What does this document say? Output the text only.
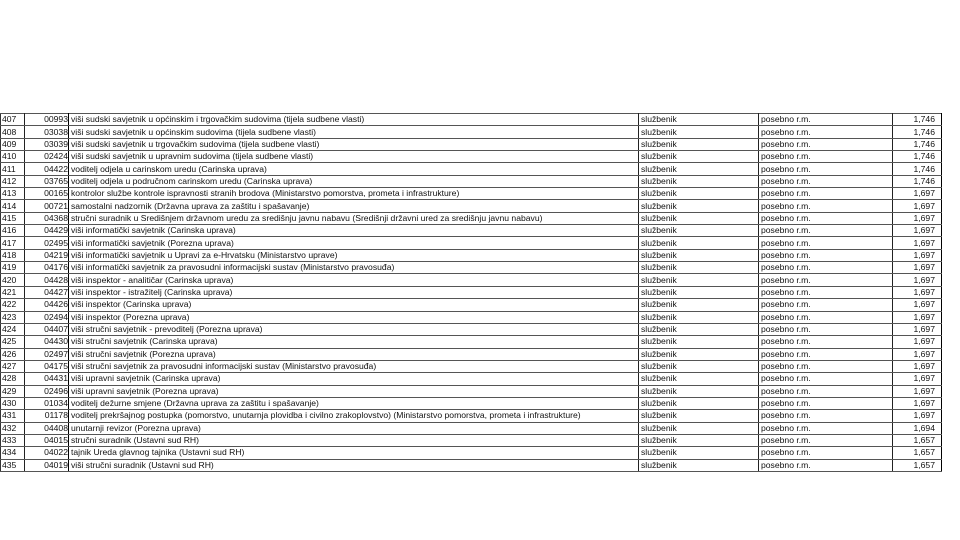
407	00993	viši sudski savjetnik u općinskim i trgovačkim sudovima (tijela sudbene vlasti)	službenik	posebno r.m.	1,746
408	03038	viši sudski savjetnik u općinskim sudovima (tijela sudbene vlasti)	službenik	posebno r.m.	1,746
409	03039	viši sudski savjetnik u trgovačkim sudovima (tijela sudbene vlasti)	službenik	posebno r.m.	1,746
410	02424	viši sudski savjetnik u upravnim sudovima (tijela sudbene vlasti)	službenik	posebno r.m.	1,746
411	04422	voditelj odjela u carinskom uredu (Carinska uprava)	službenik	posebno r.m.	1,746
412	03765	voditelj odjela u područnom carinskom uredu (Carinska uprava)	službenik	posebno r.m.	1,746
413	00165	kontrolor službe kontrole ispravnosti stranih brodova (Ministarstvo pomorstva, prometa i infrastrukture)	službenik	posebno r.m.	1,697
414	00721	samostalni nadzornik (Državna uprava za zaštitu i spašavanje)	službenik	posebno r.m.	1,697
415	04368	stručni suradnik u Središnjem državnom uredu za središnju javnu nabavu (Središnji državni ured za središnju javnu nabavu)	službenik	posebno r.m.	1,697
416	04429	viši informatički savjetnik (Carinska uprava)	službenik	posebno r.m.	1,697
417	02495	viši informatički savjetnik (Porezna uprava)	službenik	posebno r.m.	1,697
418	04219	viši informatički savjetnik u Upravi za e-Hrvatsku (Ministarstvo uprave)	službenik	posebno r.m.	1,697
419	04176	viši informatički savjetnik za pravosudni informacijski sustav (Ministarstvo pravosuđa)	službenik	posebno r.m.	1,697
420	04428	viši inspektor - analitičar (Carinska uprava)	službenik	posebno r.m.	1,697
421	04427	viši inspektor - istražitelj (Carinska uprava)	službenik	posebno r.m.	1,697
422	04426	viši inspektor (Carinska uprava)	službenik	posebno r.m.	1,697
423	02494	viši inspektor (Porezna uprava)	službenik	posebno r.m.	1,697
424	04407	viši stručni savjetnik - prevoditelj (Porezna uprava)	službenik	posebno r.m.	1,697
425	04430	viši stručni savjetnik (Carinska uprava)	službenik	posebno r.m.	1,697
426	02497	viši stručni savjetnik (Porezna uprava)	službenik	posebno r.m.	1,697
427	04175	viši stručni savjetnik za pravosudni informacijski sustav (Ministarstvo pravosuđa)	službenik	posebno r.m.	1,697
428	04431	viši upravni savjetnik (Carinska uprava)	službenik	posebno r.m.	1,697
429	02496	viši upravni savjetnik (Porezna uprava)	službenik	posebno r.m.	1,697
430	01034	voditelj dežurne smjene (Državna uprava za zaštitu i spašavanje)	službenik	posebno r.m.	1,697
431	01178	voditelj prekršajnog postupka (pomorstvo, unutarnja plovidba i civilno zrakoplovstvo) (Ministarstvo pomorstva, prometa i infrastrukture)	službenik	posebno r.m.	1,697
432	04408	unutarnji revizor (Porezna uprava)	službenik	posebno r.m.	1,694
433	04015	stručni suradnik (Ustavni sud RH)	službenik	posebno r.m.	1,657
434	04022	tajnik Ureda glavnog tajnika (Ustavni sud RH)	službenik	posebno r.m.	1,657
435	04019	viši stručni suradnik (Ustavni sud RH)	službenik	posebno r.m.	1,657
